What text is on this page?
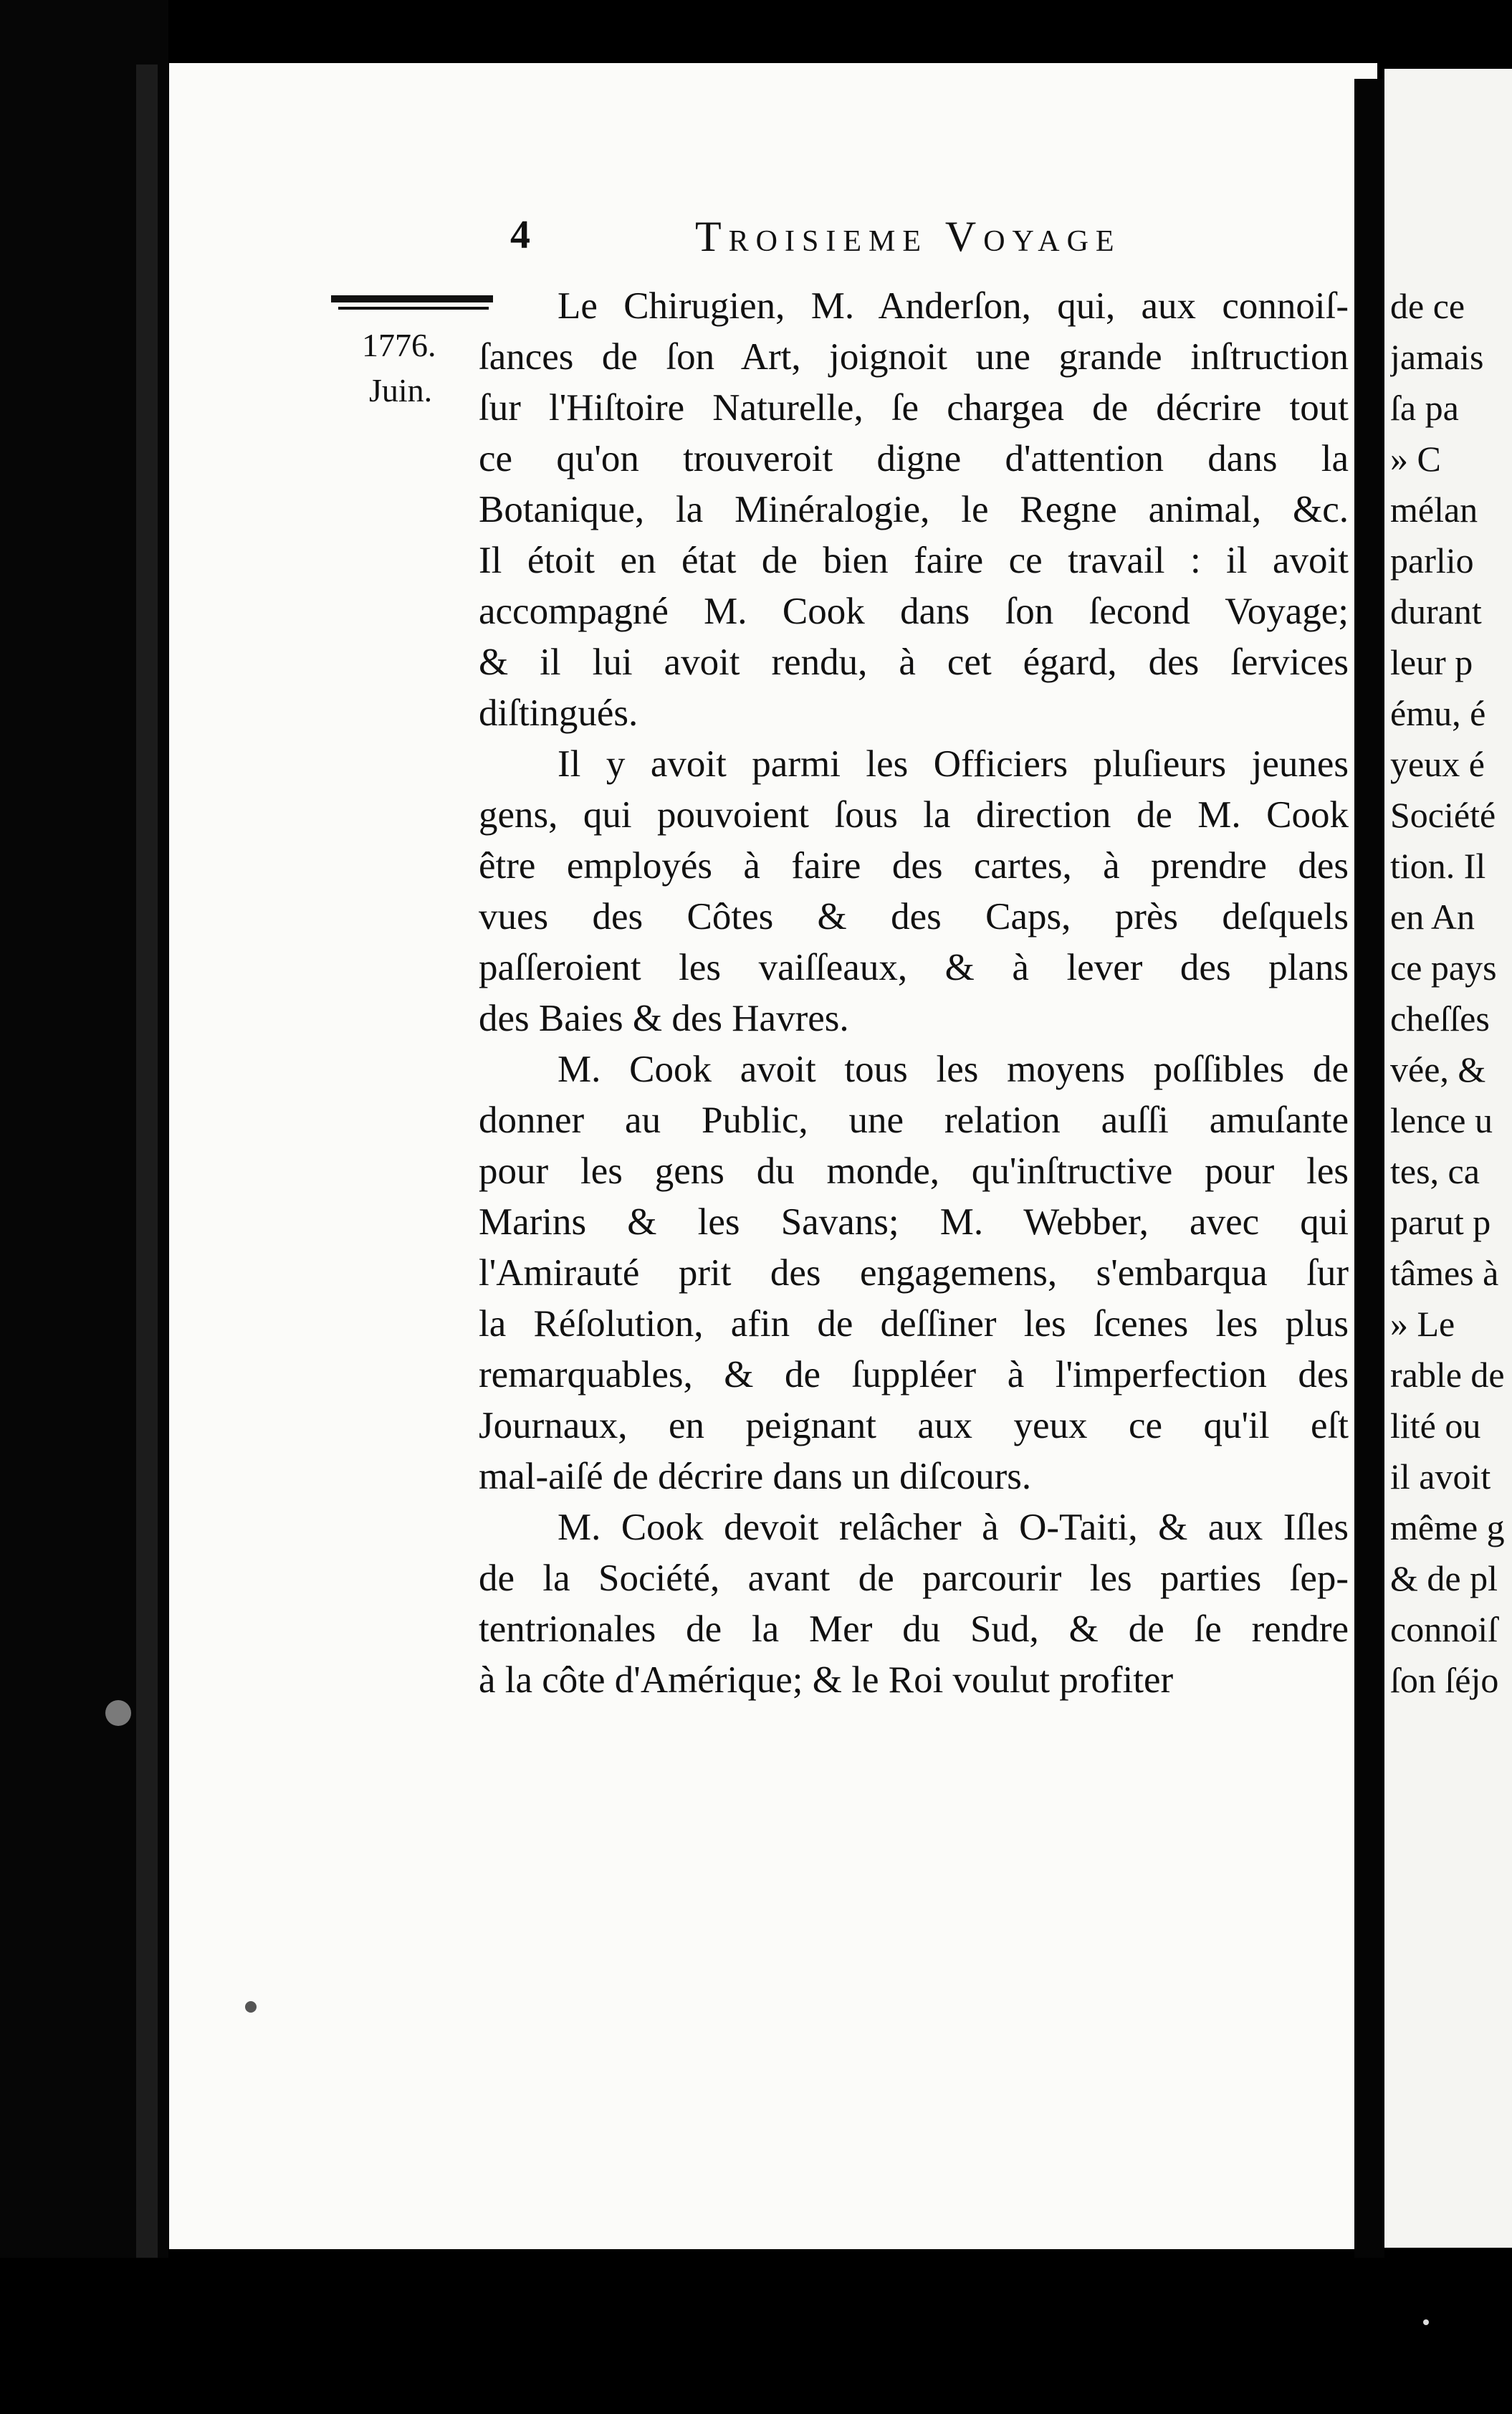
4	Troisieme Voyage
1776.
Juin.
Le Chirugien, M. Anderſon, qui, aux connoiſ-
ſances de ſon Art, joignoit une grande inſtruction
ſur l'Hiſtoire Naturelle, ſe chargea de décrire tout
ce qu'on trouveroit digne d'attention dans la
Botanique, la Minéralogie, le Regne animal, &c.
Il étoit en état de bien faire ce travail : il avoit
accompagné M. Cook dans ſon ſecond Voyage;
& il lui avoit rendu, à cet égard, des ſervices
diſtingués.
Il y avoit parmi les Officiers pluſieurs jeunes
gens, qui pouvoient ſous la direction de M. Cook
être employés à faire des cartes, à prendre des
vues des Côtes & des Caps, près deſquels
paſſeroient les vaiſſeaux, & à lever des plans
des Baies & des Havres.
M. Cook avoit tous les moyens poſſibles de
donner au Public, une relation auſſi amuſante
pour les gens du monde, qu'inſtructive pour les
Marins & les Savans; M. Webber, avec qui
l'Amirauté prit des engagemens, s'embarqua ſur
la Réſolution, afin de deſſiner les ſcenes les plus
remarquables, & de ſuppléer à l'imperfection des
Journaux, en peignant aux yeux ce qu'il eſt
mal-aiſé de décrire dans un diſcours.
M. Cook devoit relâcher à O-Taiti, & aux Iſles
de la Société, avant de parcourir les parties ſep-
tentrionales de la Mer du Sud, & de ſe rendre
à la côte d'Amérique; & le Roi voulut profiter
de ce
jamais
ſa pa
» C
mélan
parlio
durant
leur p
ému, é
yeux é
Société
tion. Il
en An
ce pays
cheſſes
vée, &
lence u
tes, ca
parut p
tâmes à
» Le
rable de
lité ou
il avoit
même g
& de pl
connoiſ
ſon ſéjo
